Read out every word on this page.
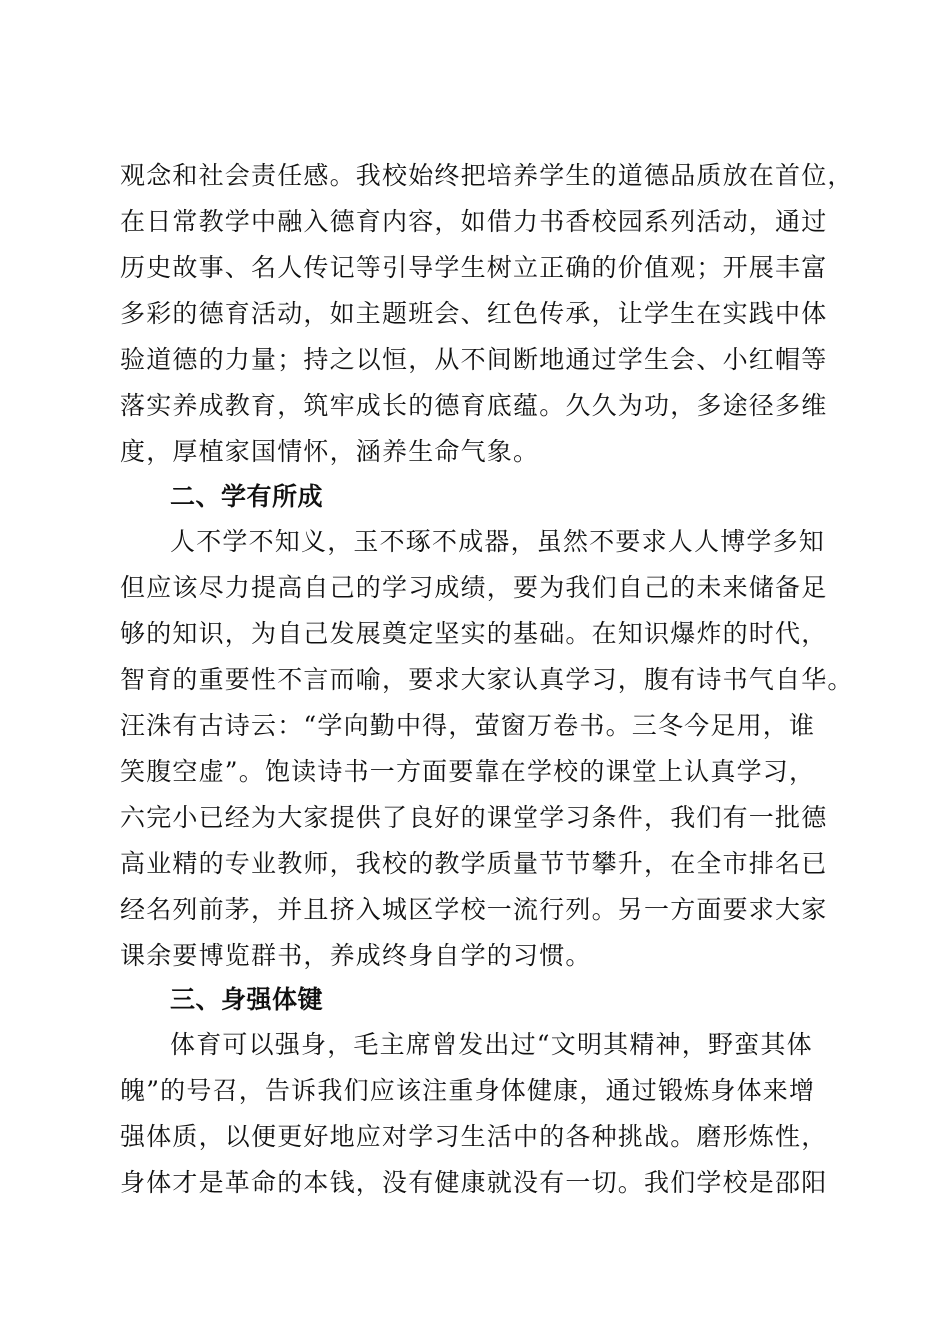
观念和社会责任感。我校始终把培养学生的道德品质放在首位，
在日常教学中融入德育内容，如借力书香校园系列活动，通过
历史故事、名人传记等引导学生树立正确的价值观；开展丰富
多彩的德育活动，如主题班会、红色传承，让学生在实践中体
验道德的力量；持之以恒，从不间断地通过学生会、小红帽等
落实养成教育，筑牢成长的德育底蕴。久久为功，多途径多维
度，厚植家国情怀，涵养生命气象。
二、学有所成
人不学不知义，玉不琢不成器，虽然不要求人人博学多知
但应该尽力提高自己的学习成绩，要为我们自己的未来储备足
够的知识，为自己发展奠定坚实的基础。在知识爆炸的时代，
智育的重要性不言而喻，要求大家认真学习，腹有诗书气自华。
汪洙有古诗云：“学向勤中得，萤窗万卷书。三冬今足用，谁
笑腹空虚”。饱读诗书一方面要靠在学校的课堂上认真学习，
六完小已经为大家提供了良好的课堂学习条件，我们有一批德
高业精的专业教师，我校的教学质量节节攀升，在全市排名已
经名列前茅，并且挤入城区学校一流行列。另一方面要求大家
课余要博览群书，养成终身自学的习惯。
三、身强体键
体育可以强身，毛主席曾发出过“文明其精神，野蛮其体
魄”的号召，告诉我们应该注重身体健康，通过锻炼身体来增
强体质，以便更好地应对学习生活中的各种挑战。磨形炼性，
身体才是革命的本钱，没有健康就没有一切。我们学校是邵阳
